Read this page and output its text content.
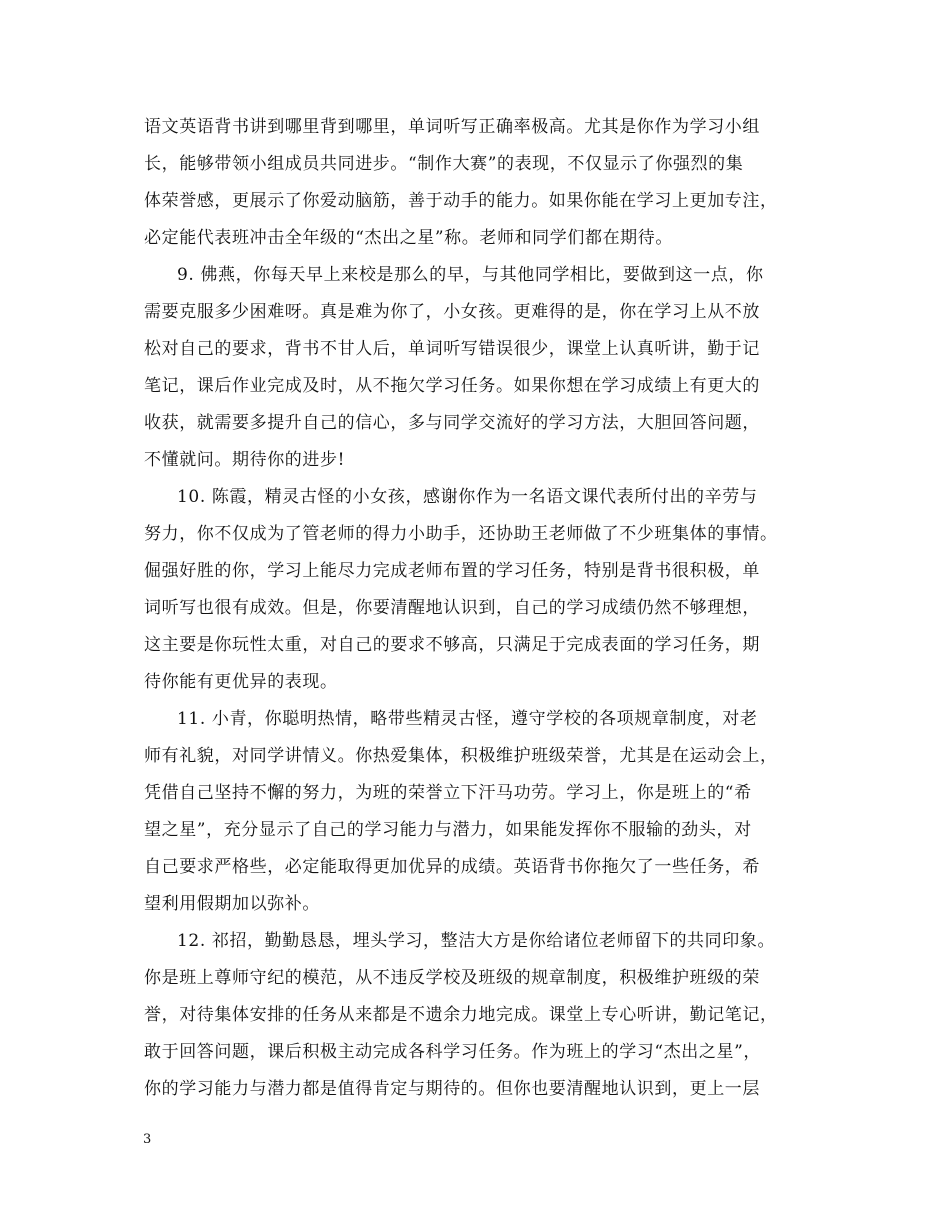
语文英语背书讲到哪里背到哪里，单词听写正确率极高。尤其是你作为学习小组
长，能够带领小组成员共同进步。“制作大赛”的表现，不仅显示了你强烈的集
体荣誉感，更展示了你爱动脑筋，善于动手的能力。如果你能在学习上更加专注，
必定能代表班冲击全年级的“杰出之星”称。老师和同学们都在期待。
9. 佛燕，你每天早上来校是那么的早，与其他同学相比，要做到这一点，你
需要克服多少困难呀。真是难为你了，小女孩。更难得的是，你在学习上从不放
松对自己的要求，背书不甘人后，单词听写错误很少，课堂上认真听讲，勤于记
笔记，课后作业完成及时，从不拖欠学习任务。如果你想在学习成绩上有更大的
收获，就需要多提升自己的信心，多与同学交流好的学习方法，大胆回答问题，
不懂就问。期待你的进步!
10. 陈霞，精灵古怪的小女孩，感谢你作为一名语文课代表所付出的辛劳与
努力，你不仅成为了管老师的得力小助手，还协助王老师做了不少班集体的事情。
倔强好胜的你，学习上能尽力完成老师布置的学习任务，特别是背书很积极，单
词听写也很有成效。但是，你要清醒地认识到，自己的学习成绩仍然不够理想，
这主要是你玩性太重，对自己的要求不够高，只满足于完成表面的学习任务，期
待你能有更优异的表现。
11. 小青，你聪明热情，略带些精灵古怪，遵守学校的各项规章制度，对老
师有礼貌，对同学讲情义。你热爱集体，积极维护班级荣誉，尤其是在运动会上，
凭借自己坚持不懈的努力，为班的荣誉立下汗马功劳。学习上，你是班上的“希
望之星”，充分显示了自己的学习能力与潜力，如果能发挥你不服输的劲头，对
自己要求严格些，必定能取得更加优异的成绩。英语背书你拖欠了一些任务，希
望利用假期加以弥补。
12. 祁招，勤勤恳恳，埋头学习，整洁大方是你给诸位老师留下的共同印象。
你是班上尊师守纪的模范，从不违反学校及班级的规章制度，积极维护班级的荣
誉，对待集体安排的任务从来都是不遗余力地完成。课堂上专心听讲，勤记笔记，
敢于回答问题，课后积极主动完成各科学习任务。作为班上的学习“杰出之星”，
你的学习能力与潜力都是值得肯定与期待的。但你也要清醒地认识到，更上一层
3
